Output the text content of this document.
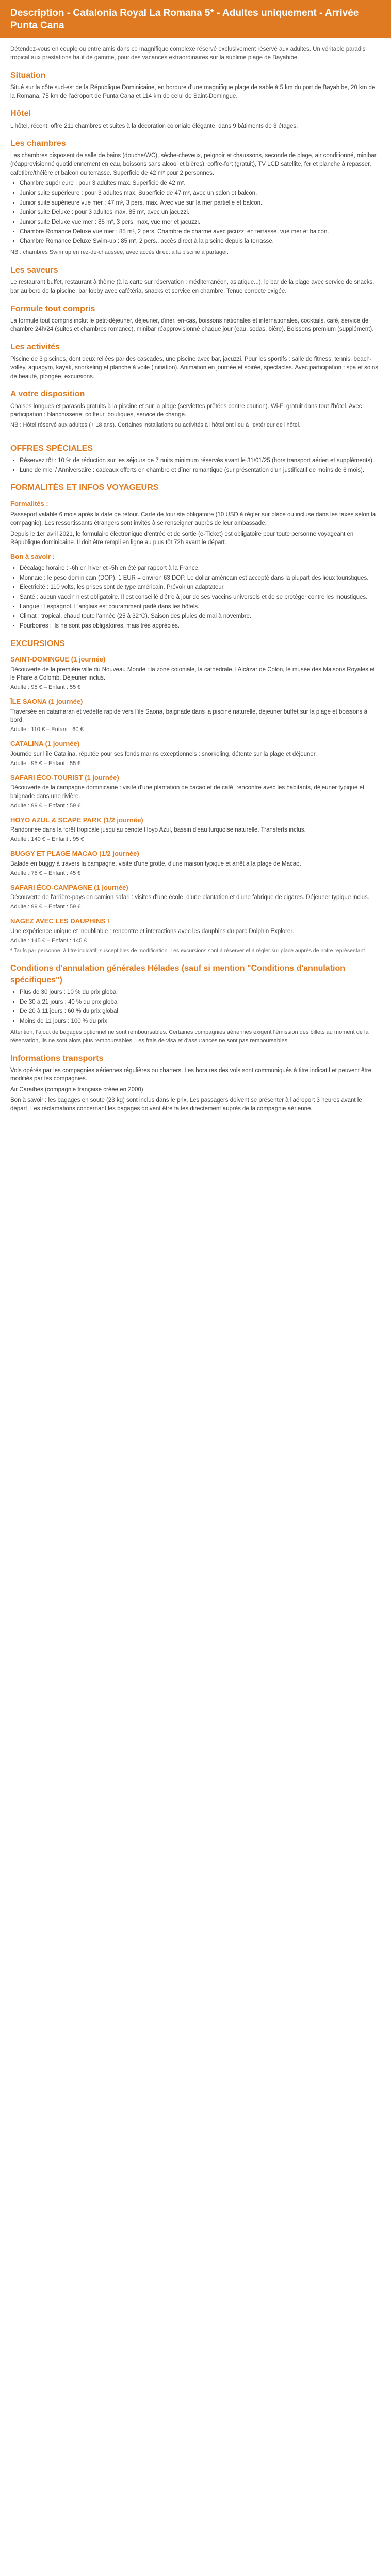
Description - Catalonia Royal La Romana 5* - Adultes uniquement - Arrivée Punta Cana

Détendez-vous en couple ou entre amis dans ce magnifique complexe réservé exclusivement réservé aux adultes. Un véritable paradis tropical aux prestations haut de gamme, pour des vacances extraordinaires sur la sublime plage de Bayahibe.

Situation

Situé sur la côte sud-est de la République Dominicaine, en bordure d'une magnifique plage de sable à 5 km du port de Bayahibe, 20 km de la Romana, 75 km de l'aéroport de Punta Cana et 114 km de celui de Saint-Domingue.

Hôtel

L'hôtel, récent, offre 211 chambres et suites à la décoration coloniale élégante, dans 9 bâtiments de 3 étages.

Les chambres

Les chambres disposent de salle de bains (douche/WC), sèche-cheveux, peignoir et chaussons, seconde de plage, air conditionné, minibar (réapprovisionné quotidiennement en eau, boissons sans alcool et bières), coffre-fort (gratuit), TV LCD satellite, fer et planche à repasser, cafetière/théière et balcon ou terrasse. Superficie de 42 m² pour 2 personnes.

• Chambre supérieure : pour 3 adultes max. Superficie de 42 m².
• Junior suite supérieure : pour 3 adultes max. Superficie de 47 m², avec un salon et balcon.
• Junior suite supérieure vue mer : 47 m², 3 pers. max. Avec vue sur la mer partielle et balcon.
• Junior suite Deluxe : pour 3 adultes max. 85 m², avec un jacuzzi.
• Junior suite Deluxe vue mer : 85 m², 3 pers. max, vue mer et jacuzzi.
• Chambre Romance Deluxe vue mer : 85 m², 2 pers. Chambre de charme avec jacuzzi en terrasse, vue mer et balcon.
• Chambre Romance Deluxe Swim-up : 85 m², 2 pers., accès direct à la piscine depuis la terrasse.

NB : chambres Swim up en rez-de-chaussée, avec accès direct à la piscine à partager.

Les saveurs

Le restaurant buffet, restaurant à thème (à la carte sur réservation : méditerranéen, asiatique...), le bar de la plage avec service de snacks, bar au bord de la piscine, bar lobby avec cafétéria, snacks et service en chambre. Tenue correcte exigée.

Formule tout compris

La formule tout compris inclut le petit-déjeuner, déjeuner, dîner, en-cas, boissons nationales et internationales, cocktails, café, service de chambre 24h/24 (suites et chambres romance), minibar réapprovisionné chaque jour (eau, sodas, bière). Boissons premium (supplément).

Les activités

Piscine de 3 piscines, dont deux reliées par des cascades, une piscine avec bar, jacuzzi. Pour les sportifs : salle de fitness, tennis, beach-volley, aquagym, kayak, snorkeling et planche à voile (initiation). Animation en journée et soirée, spectacles. Avec participation : spa et soins de beauté, plongée, excursions.

A votre disposition

Chaises longues et parasols gratuits à la piscine et sur la plage (serviettes prêtées contre caution). Wi-Fi gratuit dans tout l'hôtel. Avec participation : blanchisserie, coiffeur, boutiques, service de change.

NB : Hôtel réservé aux adultes (+ 18 ans). Certaines installations ou activités à l'hôtel ont lieu à l'extérieur de l'hôtel.

OFFRES SPÉCIALES
• Réservez tôt : 10 % de réduction sur les séjours de 7 nuits minimum réservés avant le 31/01/25 (hors transport aérien et suppléments).
• Lune de miel / Anniversaire : cadeaux offerts en chambre et dîner romantique (sur présentation d'un justificatif de moins de 6 mois).
FORMALITÉS ET INFOS VOYAGEURS
Formalités :

Passeport valable 6 mois après la date de retour. Carte de touriste obligatoire (10 USD à régler sur place ou incluse dans les taxes selon la compagnie). Les ressortissants étrangers sont invités à se renseigner auprès de leur ambassade.

Depuis le 1er avril 2021, le formulaire électronique d'entrée et de sortie (e-Ticket) est obligatoire pour toute personne voyageant en République dominicaine. Il doit être rempli en ligne au plus tôt 72h avant le départ.

Bon à savoir :
• Décalage horaire : -6h en hiver et -5h en été par rapport à la France.
• Monnaie : le peso dominicain (DOP). 1 EUR = environ 63 DOP. Le dollar américain est accepté dans la plupart des lieux touristiques.
• Électricité : 110 volts, les prises sont de type américain. Prévoir un adaptateur.
• Santé : aucun vaccin n'est obligatoire. Il est conseillé d'être à jour de ses vaccins universels et de se protéger contre les moustiques.
• Langue : l'espagnol. L'anglais est couramment parlé dans les hôtels.
• Climat : tropical, chaud toute l'année (25 à 32°C). Saison des pluies de mai à novembre.
• Pourboires : ils ne sont pas obligatoires, mais très appréciés.
EXCURSIONS
SAINT-DOMINGUE (1 journée)

Découverte de la première ville du Nouveau Monde : la zone coloniale, la cathédrale, l'Alcázar de Colón, le musée des Maisons Royales et le Phare à Colomb. Déjeuner inclus.

Adulte : 95 € – Enfant : 55 €

ÎLE SAONA (1 journée)

Traversée en catamaran et vedette rapide vers l'île Saona, baignade dans la piscine naturelle, déjeuner buffet sur la plage et boissons à bord.

Adulte : 110 € – Enfant : 60 €

CATALINA (1 journée)

Journée sur l'île Catalina, réputée pour ses fonds marins exceptionnels : snorkeling, détente sur la plage et déjeuner.

Adulte : 95 € – Enfant : 55 €

SAFARI ÉCO-TOURIST (1 journée)

Découverte de la campagne dominicaine : visite d'une plantation de cacao et de café, rencontre avec les habitants, déjeuner typique et baignade dans une rivière.

Adulte : 99 € – Enfant : 59 €

HOYO AZUL & SCAPE PARK (1/2 journée)

Randonnée dans la forêt tropicale jusqu'au cénote Hoyo Azul, bassin d'eau turquoise naturelle. Transferts inclus.

Adulte : 140 € – Enfant : 95 €

BUGGY ET PLAGE MACAO (1/2 journée)

Balade en buggy à travers la campagne, visite d'une grotte, d'une maison typique et arrêt à la plage de Macao.

Adulte : 75 € – Enfant : 45 €

SAFARI ÉCO-CAMPAGNE (1 journée)

Découverte de l'arrière-pays en camion safari : visites d'une école, d'une plantation et d'une fabrique de cigares. Déjeuner typique inclus.

Adulte : 99 € – Enfant : 59 €

NAGEZ AVEC LES DAUPHINS !

Une expérience unique et inoubliable : rencontre et interactions avec les dauphins du parc Dolphin Explorer.

Adulte : 145 € – Enfant : 145 €

* Tarifs par personne, à titre indicatif, susceptibles de modification. Les excursions sont à réserver et à régler sur place auprès de notre représentant.

Conditions d'annulation générales Hélades (sauf si mention "Conditions d'annulation spécifiques")
• Plus de 30 jours : 10 % du prix global
• De 30 à 21 jours : 40 % du prix global
• De 20 à 11 jours : 60 % du prix global
• Moins de 11 jours : 100 % du prix

Attention, l'ajout de bagages optionnel ne sont remboursables. Certaines compagnies aériennes exigent l'émission des billets au moment de la réservation, ils ne sont alors plus remboursables. Les frais de visa et d'assurances ne sont pas remboursables.

Informations transports

Vols opérés par les compagnies aériennes régulières ou charters. Les horaires des vols sont communiqués à titre indicatif et peuvent être modifiés par les compagnies.

Air Caraïbes (compagnie française créée en 2000)

Bon à savoir : les bagages en soute (23 kg) sont inclus dans le prix. Les passagers doivent se présenter à l'aéroport 3 heures avant le départ. Les réclamations concernant les bagages doivent être faites directement auprès de la compagnie aérienne.
